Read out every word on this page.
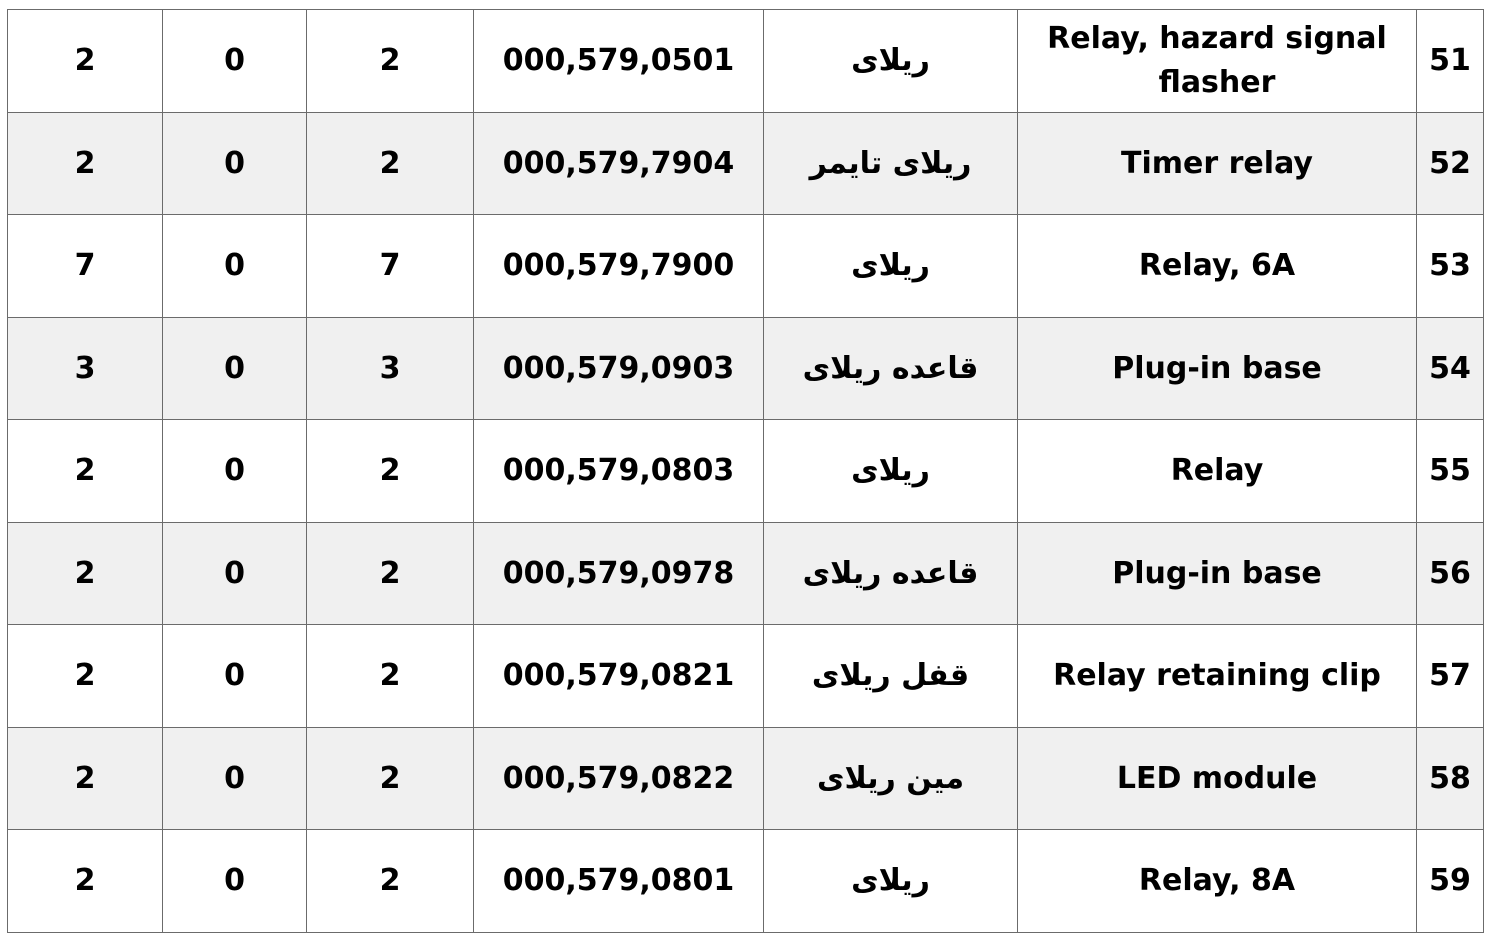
2	0	2	000,579,0501	ریلای	Relay, hazard signal flasher	51
2	0	2	000,579,7904	ریلای تایمر	Timer relay	52
7	0	7	000,579,7900	ریلای	Relay, 6A	53
3	0	3	000,579,0903	قاعده ریلای	Plug-in base	54
2	0	2	000,579,0803	ریلای	Relay	55
2	0	2	000,579,0978	قاعده ریلای	Plug-in base	56
2	0	2	000,579,0821	قفل ریلای	Relay retaining clip	57
2	0	2	000,579,0822	مین ریلای	LED module	58
2	0	2	000,579,0801	ریلای	Relay, 8A	59
